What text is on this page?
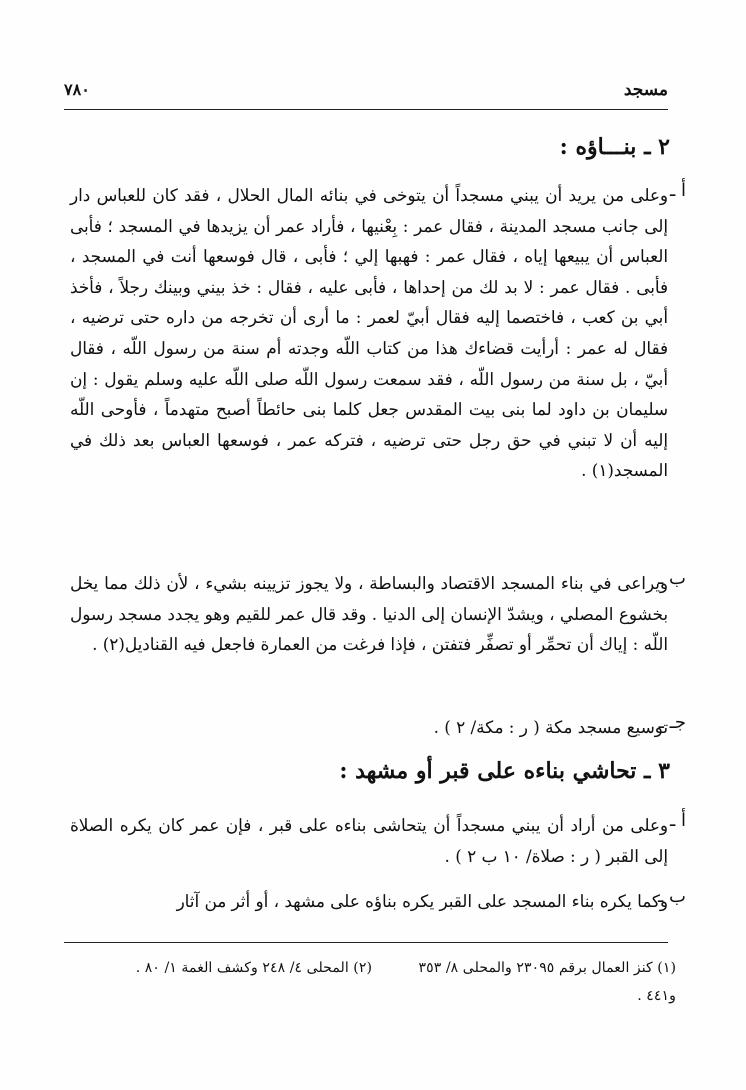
مسجد
٧٨٠
٢ ـ بنـــاؤه :
أ ـ

وعلى من يريد أن يبني مسجداً أن يتوخى في بنائه المال الحلال ، فقد كان للعباس دار إلى جانب مسجد المدينة ، فقال عمر : بِعْنيها ، فأراد عمر أن يزيدها في المسجد ؛ فأبى العباس أن يبيعها إياه ، فقال عمر : فهبها إلي ؛ فأبى ، قال فوسعها أنت في المسجد ، فأبى . فقال عمر : لا بد لك من إحداها ، فأبى عليه ، فقال : خذ بيني وبينك رجلاً ، فأخذ أبي بن كعب ، فاختصما إليه فقال أبيّ لعمر : ما أرى أن تخرجه من داره حتى ترضيه ، فقال له عمر : أرأيت قضاءك هذا من كتاب اللّه وجدته أم سنة من رسول اللّه ، فقال أبيّ ، بل سنة من رسول اللّه ، فقد سمعت رسول اللّه صلى اللّه عليه وسلم يقول : إن سليمان بن داود لما بنى بيت المقدس جعل كلما بنى حائطاً أصبح متهدماً ، فأوحى اللّه إليه أن لا تبني في حق رجل حتى ترضيه ، فتركه عمر ، فوسعها العباس بعد ذلك في المسجد(١) .

ب ـ

ويراعى في بناء المسجد الاقتصاد والبساطة ، ولا يجوز تزيينه بشيء ، لأن ذلك مما يخل بخشوع المصلي ، ويشدّ الإنسان إلى الدنيا . وقد قال عمر للقيم وهو يجدد مسجد رسول اللّه : إياك أن تحمِّر أو تصفِّر فتفتن ، فإذا فرغت من العمارة فاجعل فيه القناديل(٢) .

جـ ـ

توسيع مسجد مكة ( ر : مكة/ ٢ ) .

٣ ـ تحاشي بناءه على قبر أو مشهد :
أ ـ

وعلى من أراد أن يبني مسجداً أن يتحاشى بناءه على قبر ، فإن عمر كان يكره الصلاة إلى القبر ( ر : صلاة/ ١٠ ب ٢ ) .

ب ـ

وكما يكره بناء المسجد على القبر يكره بناؤه على مشهد ، أو أثر من آثار

(١) كنز العمال برقم ٢٣٠٩٥ والمحلى ٨/ ٣٥٣
(٢) المحلى ٤/ ٢٤٨ وكشف الغمة ١/ ٨٠ .
و٤٤١ .
